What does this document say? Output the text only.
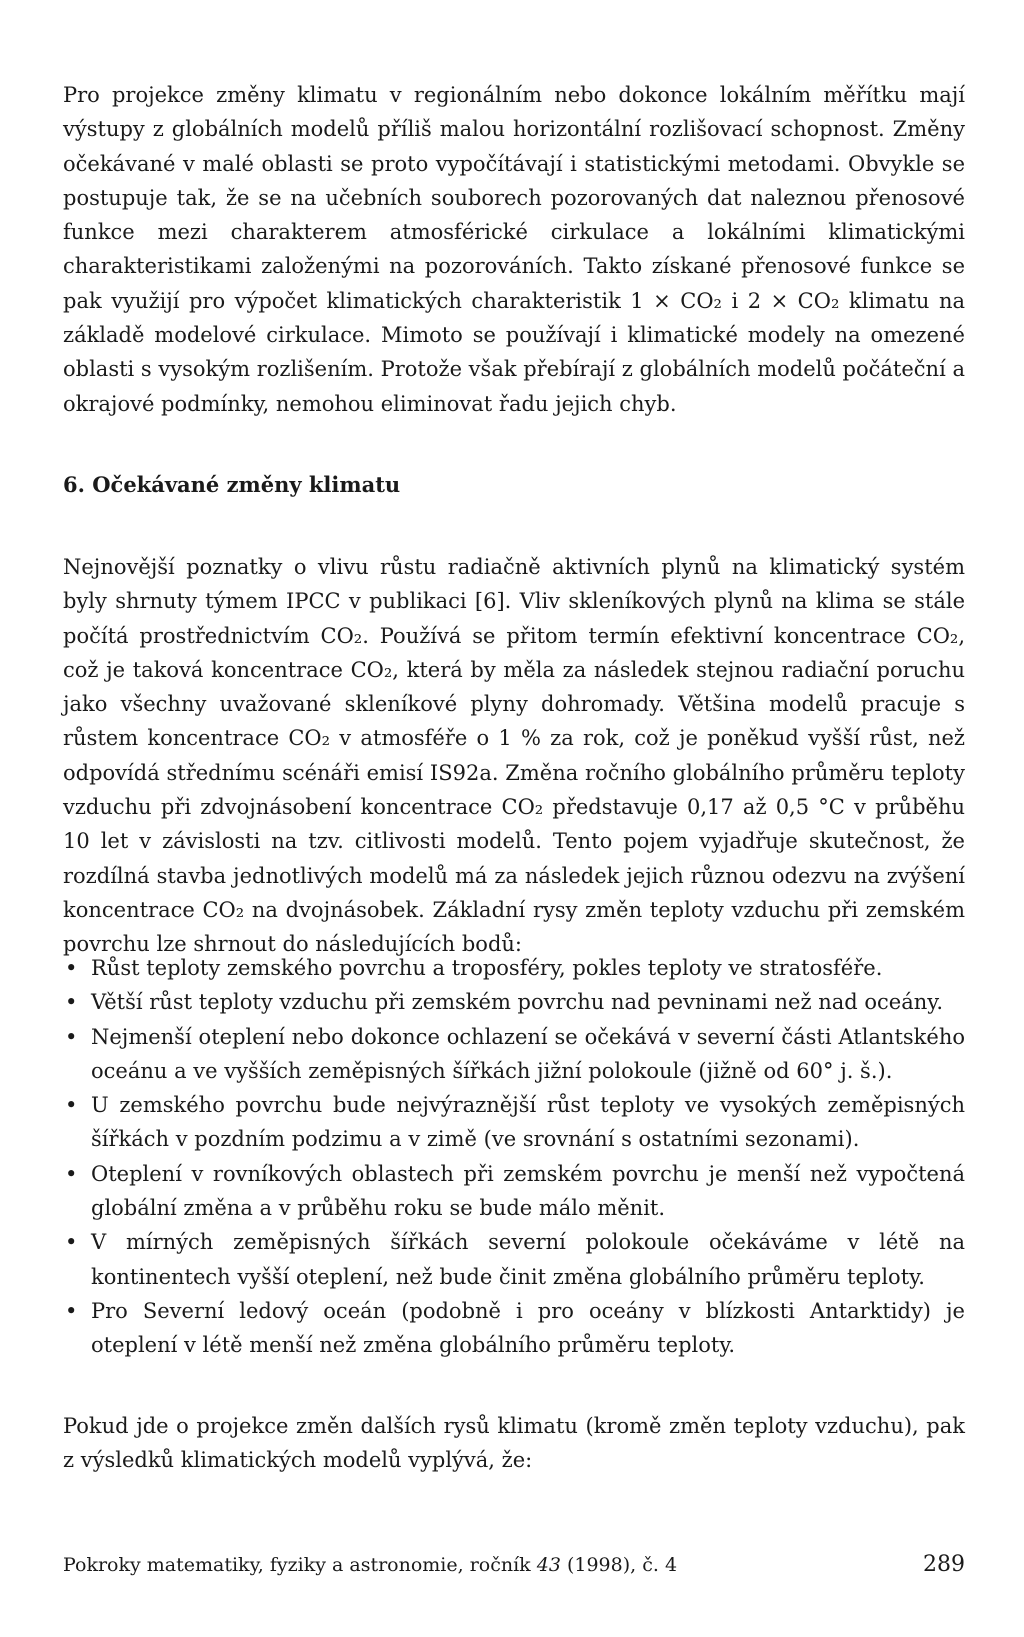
Pro projekce změny klimatu v regionálním nebo dokonce lokálním měřítku mají výstupy z globálních modelů příliš malou horizontální rozlišovací schopnost. Změny očekávané v malé oblasti se proto vypočítávají i statistickými metodami. Obvykle se postupuje tak, že se na učebních souborech pozorovaných dat naleznou přenosové funkce mezi charakterem atmosférické cirkulace a lokálními klimatickými charakteristikami založenými na pozorováních. Takto získané přenosové funkce se pak využijí pro výpočet klimatických charakteristik 1 × CO₂ i 2 × CO₂ klimatu na základě modelové cirkulace. Mimoto se používají i klimatické modely na omezené oblasti s vysokým rozlišením. Protože však přebírají z globálních modelů počáteční a okrajové podmínky, nemohou eliminovat řadu jejich chyb.

6. Očekávané změny klimatu

Nejnovější poznatky o vlivu růstu radiačně aktivních plynů na klimatický systém byly shrnuty týmem IPCC v publikaci [6]. Vliv skleníkových plynů na klima se stále počítá prostřednictvím CO₂. Používá se přitom termín efektivní koncentrace CO₂, což je taková koncentrace CO₂, která by měla za následek stejnou radiační poruchu jako všechny uvažované skleníkové plyny dohromady. Většina modelů pracuje s růstem koncentrace CO₂ v atmosféře o 1 % za rok, což je poněkud vyšší růst, než odpovídá střednímu scénáři emisí IS92a. Změna ročního globálního průměru teploty vzduchu při zdvojnásobení koncentrace CO₂ představuje 0,17 až 0,5 °C v průběhu 10 let v závislosti na tzv. citlivosti modelů. Tento pojem vyjadřuje skutečnost, že rozdílná stavba jednotlivých modelů má za následek jejich různou odezvu na zvýšení koncentrace CO₂ na dvojnásobek. Základní rysy změn teploty vzduchu při zemském povrchu lze shrnout do následujících bodů:

• Růst teploty zemského povrchu a troposféry, pokles teploty ve stratosféře.
• Větší růst teploty vzduchu při zemském povrchu nad pevninami než nad oceány.
• Nejmenší oteplení nebo dokonce ochlazení se očekává v severní části Atlantského oceánu a ve vyšších zeměpisných šířkách jižní polokoule (jižně od 60° j. š.).
• U zemského povrchu bude nejvýraznější růst teploty ve vysokých zeměpisných šířkách v pozdním podzimu a v zimě (ve srovnání s ostatními sezonami).
• Oteplení v rovníkových oblastech při zemském povrchu je menší než vypočtená globální změna a v průběhu roku se bude málo měnit.
• V mírných zeměpisných šířkách severní polokoule očekáváme v létě na kontinentech vyšší oteplení, než bude činit změna globálního průměru teploty.
• Pro Severní ledový oceán (podobně i pro oceány v blízkosti Antarktidy) je oteplení v létě menší než změna globálního průměru teploty.

Pokud jde o projekce změn dalších rysů klimatu (kromě změn teploty vzduchu), pak z výsledků klimatických modelů vyplývá, že:

Pokroky matematiky, fyziky a astronomie, ročník 43 (1998), č. 4	289
